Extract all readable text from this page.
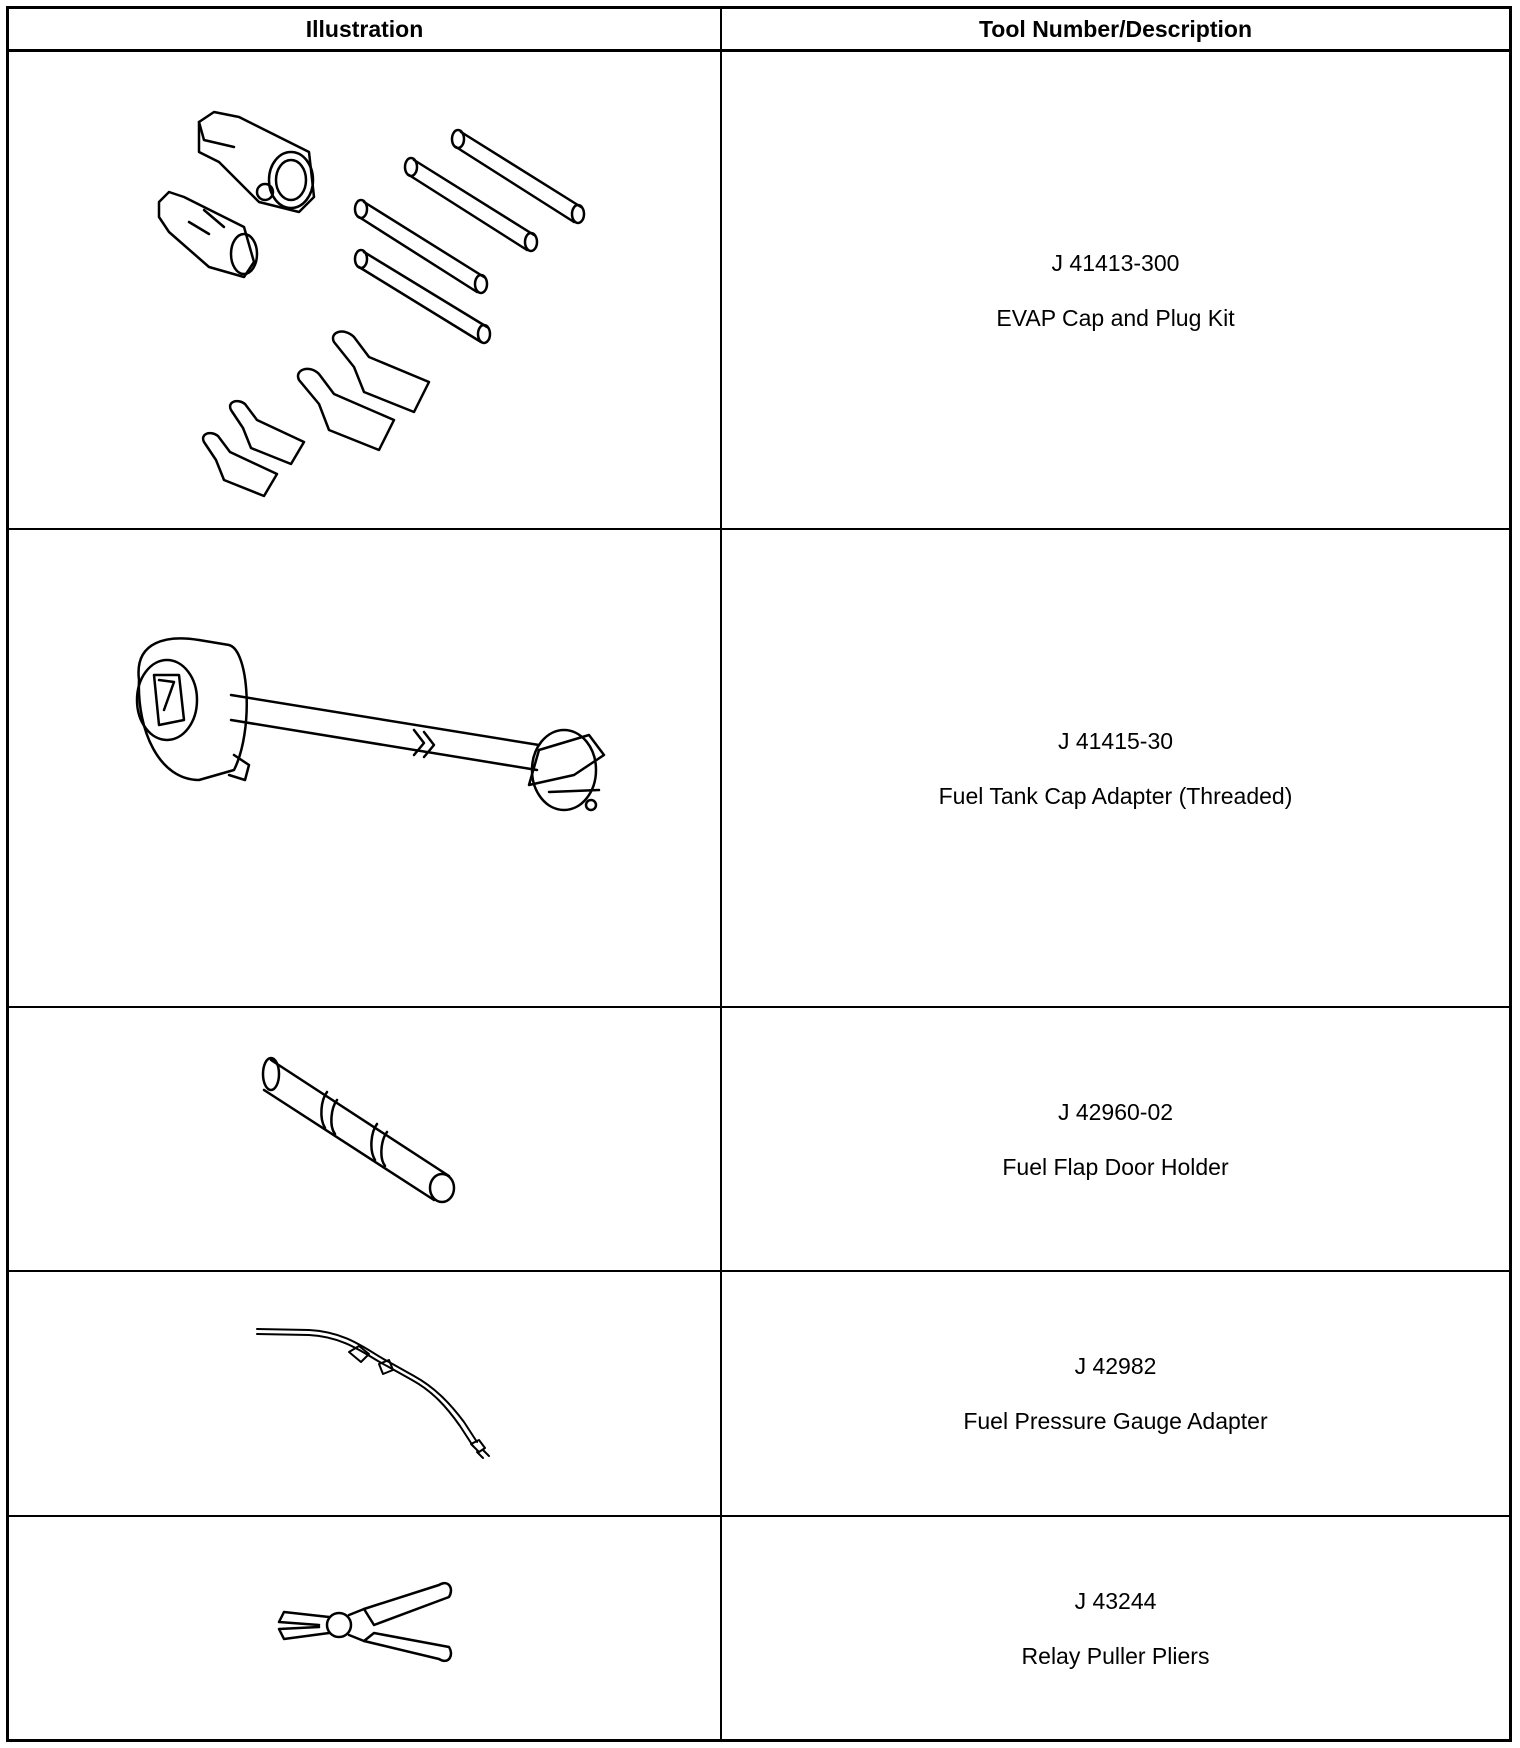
Illustration	Tool Number/Description
J 41413-300
EVAP Cap and Plug Kit
J 41415-30
Fuel Tank Cap Adapter (Threaded)
J 42960-02
Fuel Flap Door Holder
J 42982
Fuel Pressure Gauge Adapter
J 43244
Relay Puller Pliers
